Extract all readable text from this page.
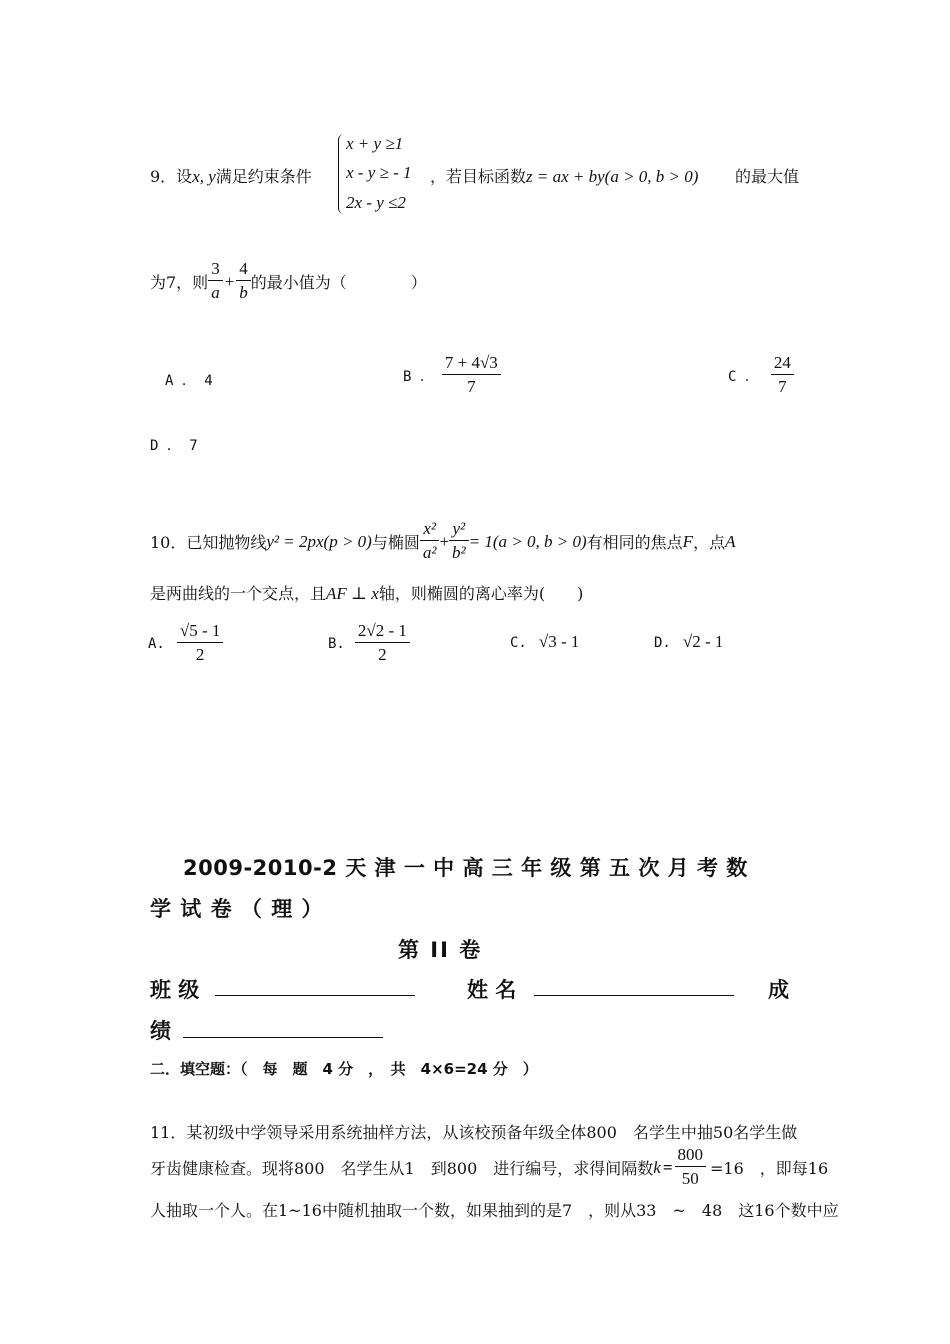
9．设x, y满足约束条件
x + y ≥1
x - y ≥ - 1
2x - y ≤2
，若目标函数z = ax + by(a > 0, b > 0) 的最大值
为7，则 $\frac{3}{a} + \frac{4}{b}$ 的最小值为（　　　　）
A ． 4	B ． $\frac{7 + 4√3}{7}$	C ． $\frac{24}{7}$
D ． 7
10．已知抛物线 y² = 2px(p > 0) 与椭圆 $\frac{\text{x²}}{\text{a²}} + \frac{\text{y²}}{\text{b²}} = 1(a > 0$, b > 0) 有相同的焦点 F ，点 A
是两曲线的一个交点，且AF ⊥ x轴，则椭圆的离心率为(　　)
A. $\frac{√5 - 1}{2}$	B. $\frac{2√2 - 1}{2}$	C. √3 - 1	D. √2 - 1
2009-2010-2 天 津 一 中 高 三 年 级 第 五 次 月 考 数
学 试 卷 （ 理 ）
第 II 卷
班 级	姓 名	成
绩
二．填空题：（　每　题　4 分　，　共　4×6=24 分　）
11．某初级中学领导采用系统抽样方法，从该校预备年级全体800　名学生中抽50名学生做
牙齿健康检查。现将800　名学生从1　到800　进行编号，求得间隔数 $k = \frac{800}{50} =16$　，即每16
人抽取一个人。在1~16中随机抽取一个数，如果抽到的是7　，则从33　~　48　这16个数中应
